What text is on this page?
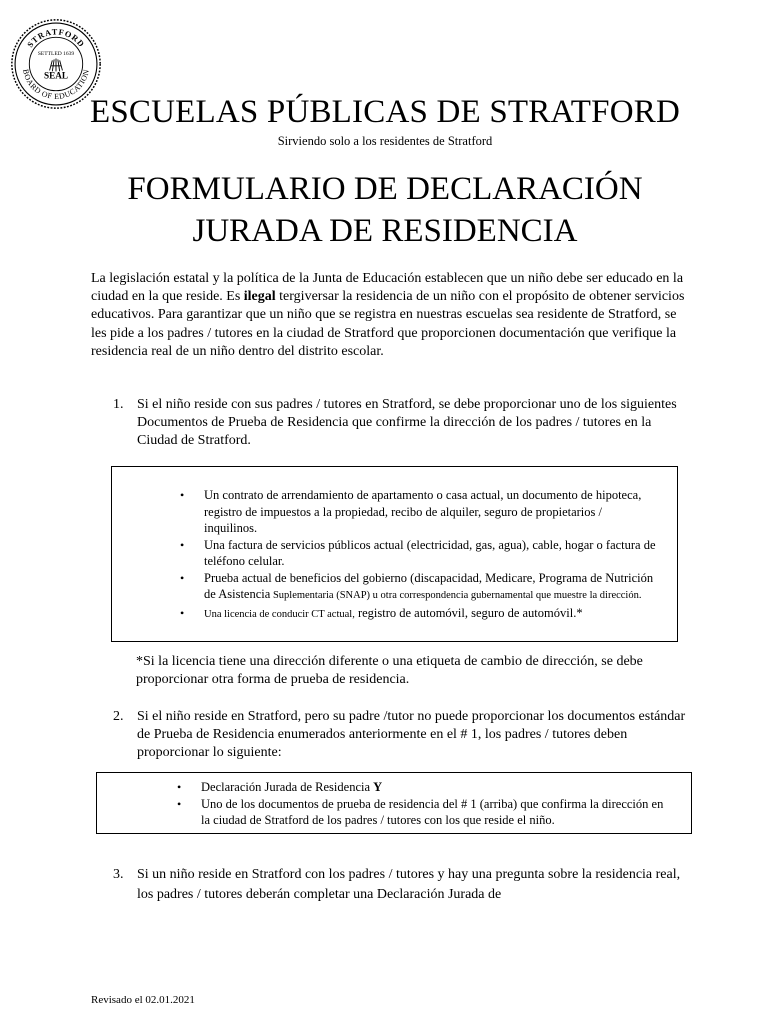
STRATFORD
BOARD OF EDUCATION
SETTLED 1639
SEAL
ESCUELAS PÚBLICAS DE STRATFORD
Sirviendo solo a los residentes de Stratford
FORMULARIO DE DECLARACIÓN
JURADA DE RESIDENCIA
La legislación estatal y la política de la Junta de Educación establecen que un niño debe ser educado en la ciudad en la que reside. Es ilegal tergiversar la residencia de un niño con el propósito de obtener servicios educativos. Para garantizar que un niño que se registra en nuestras escuelas sea residente de Stratford, se les pide a los padres / tutores en la ciudad de Stratford que proporcionen documentación que verifique la residencia real de un niño dentro del distrito escolar.
1. Si el niño reside con sus padres / tutores en Stratford, se debe proporcionar uno de los siguientes Documentos de Prueba de Residencia que confirme la dirección de los padres / tutores en la Ciudad de Stratford.
• Un contrato de arrendamiento de apartamento o casa actual, un documento de hipoteca, registro de impuestos a la propiedad, recibo de alquiler, seguro de propietarios / inquilinos.
• Una factura de servicios públicos actual (electricidad, gas, agua), cable, hogar o factura de teléfono celular.
• Prueba actual de beneficios del gobierno (discapacidad, Medicare, Programa de Nutrición de Asistencia Suplementaria (SNAP) u otra correspondencia gubernamental que muestre la dirección.
• Una licencia de conducir CT actual, registro de automóvil, seguro de automóvil.*
*Si la licencia tiene una dirección diferente o una etiqueta de cambio de dirección, se debe proporcionar otra forma de prueba de residencia.
2. Si el niño reside en Stratford, pero su padre /tutor no puede proporcionar los documentos estándar de Prueba de Residencia enumerados anteriormente en el # 1, los padres / tutores deben proporcionar lo siguiente:
• Declaración Jurada de Residencia Y
• Uno de los documentos de prueba de residencia del # 1 (arriba) que confirma la dirección en la ciudad de Stratford de los padres / tutores con los que reside el niño.
3. Si un niño reside en Stratford con los padres / tutores y hay una pregunta sobre la residencia real, los padres / tutores deberán completar una Declaración Jurada de
Revisado el 02.01.2021
